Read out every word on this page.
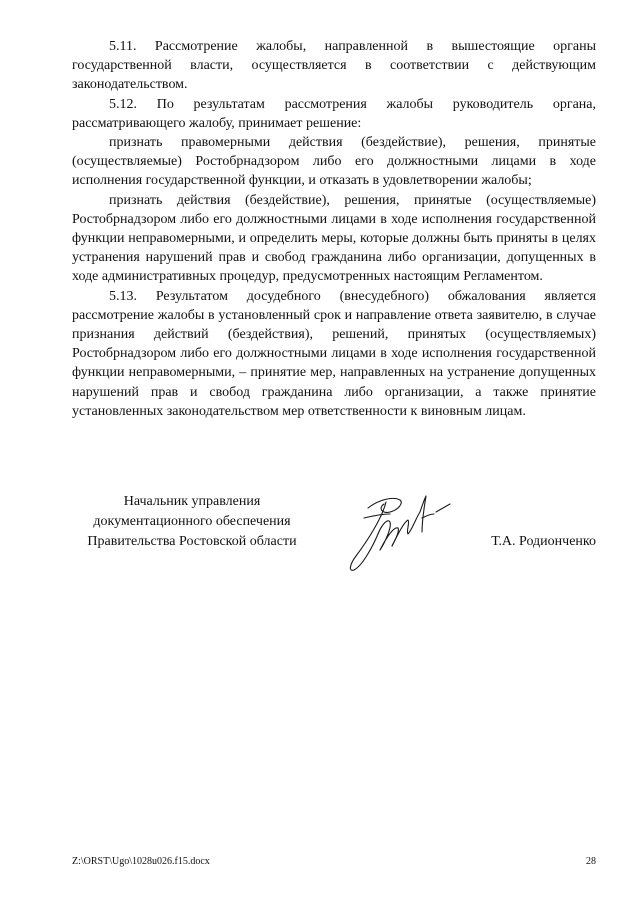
5.11. Рассмотрение жалобы, направленной в вышестоящие органы государственной власти, осуществляется в соответствии с действующим законодательством.

5.12. По результатам рассмотрения жалобы руководитель органа, рассматривающего жалобу, принимает решение:

признать правомерными действия (бездействие), решения, принятые (осуществляемые) Ростобрнадзором либо его должностными лицами в ходе исполнения государственной функции, и отказать в удовлетворении жалобы;

признать действия (бездействие), решения, принятые (осуществляемые) Ростобрнадзором либо его должностными лицами в ходе исполнения государственной функции неправомерными, и определить меры, которые должны быть приняты в целях устранения нарушений прав и свобод гражданина либо организации, допущенных в ходе административных процедур, предусмотренных настоящим Регламентом.

5.13. Результатом досудебного (внесудебного) обжалования является рассмотрение жалобы в установленный срок и направление ответа заявителю, в случае признания действий (бездействия), решений, принятых (осуществляемых) Ростобрнадзором либо его должностными лицами в ходе исполнения государственной функции неправомерными, – принятие мер, направленных на устранение допущенных нарушений прав и свобод гражданина либо организации, а также принятие установленных законодательством мер ответственности к виновным лицам.

Начальник управления
документационного обеспечения
Правительства Ростовской области	Т.А. Родионченко
Z:\ORST\Ugo\1028u026.f15.docx	28
